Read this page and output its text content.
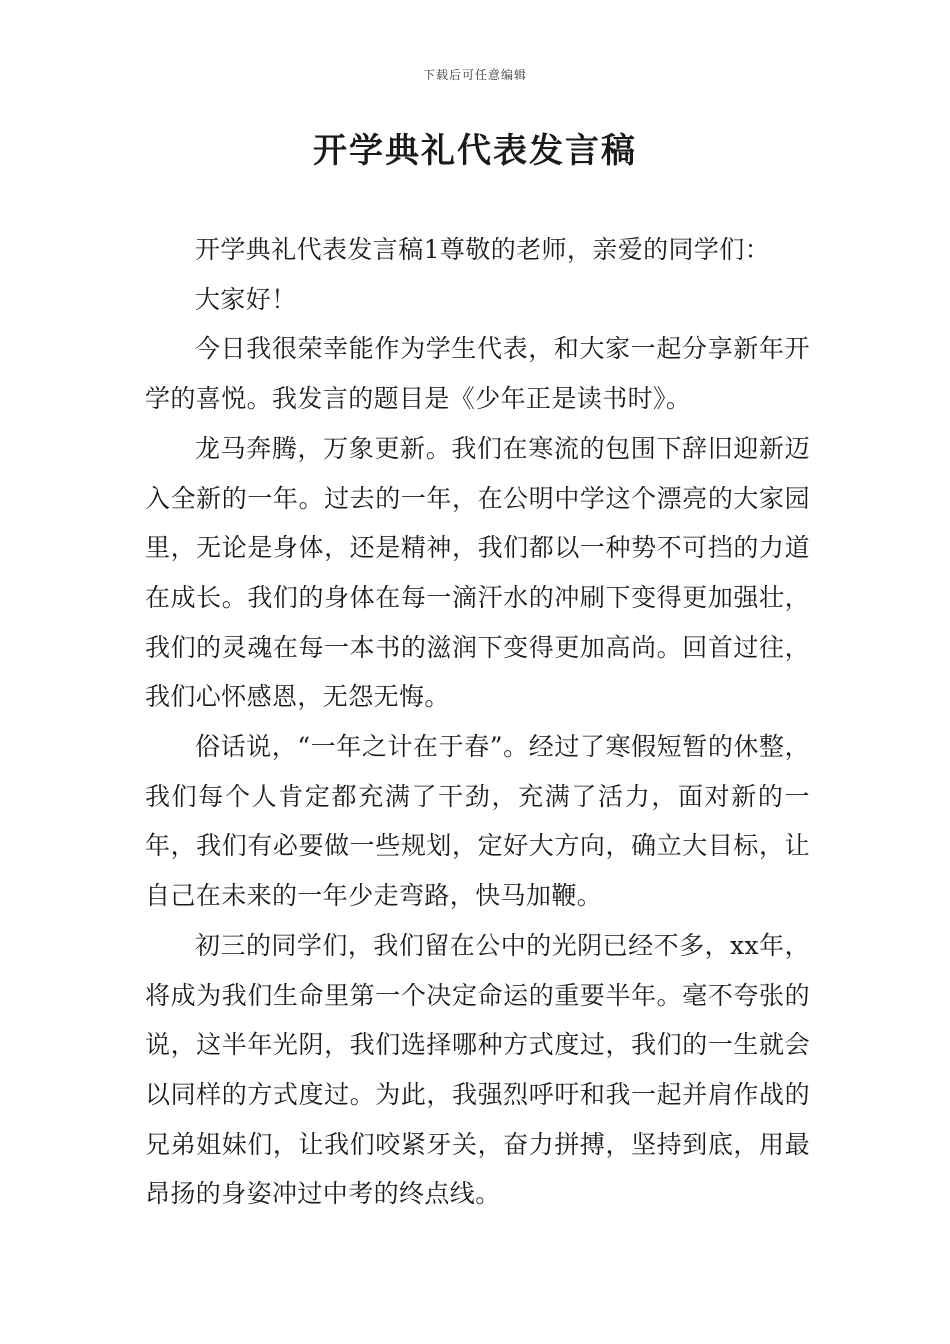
下载后可任意编辑
开学典礼代表发言稿

开学典礼代表发言稿1尊敬的老师，亲爱的同学们：

大家好！

今日我很荣幸能作为学生代表，和大家一起分享新年开学的喜悦。我发言的题目是《少年正是读书时》。

龙马奔腾，万象更新。我们在寒流的包围下辞旧迎新迈入全新的一年。过去的一年，在公明中学这个漂亮的大家园里，无论是身体，还是精神，我们都以一种势不可挡的力道在成长。我们的身体在每一滴汗水的冲刷下变得更加强壮，我们的灵魂在每一本书的滋润下变得更加高尚。回首过往，我们心怀感恩，无怨无悔。

俗话说，“一年之计在于春”。经过了寒假短暂的休整，我们每个人肯定都充满了干劲，充满了活力，面对新的一年，我们有必要做一些规划，定好大方向，确立大目标，让自己在未来的一年少走弯路，快马加鞭。

初三的同学们，我们留在公中的光阴已经不多，xx年，将成为我们生命里第一个决定命运的重要半年。毫不夸张的说，这半年光阴，我们选择哪种方式度过，我们的一生就会以同样的方式度过。为此，我强烈呼吁和我一起并肩作战的兄弟姐妹们，让我们咬紧牙关，奋力拼搏，坚持到底，用最昂扬的身姿冲过中考的终点线。
